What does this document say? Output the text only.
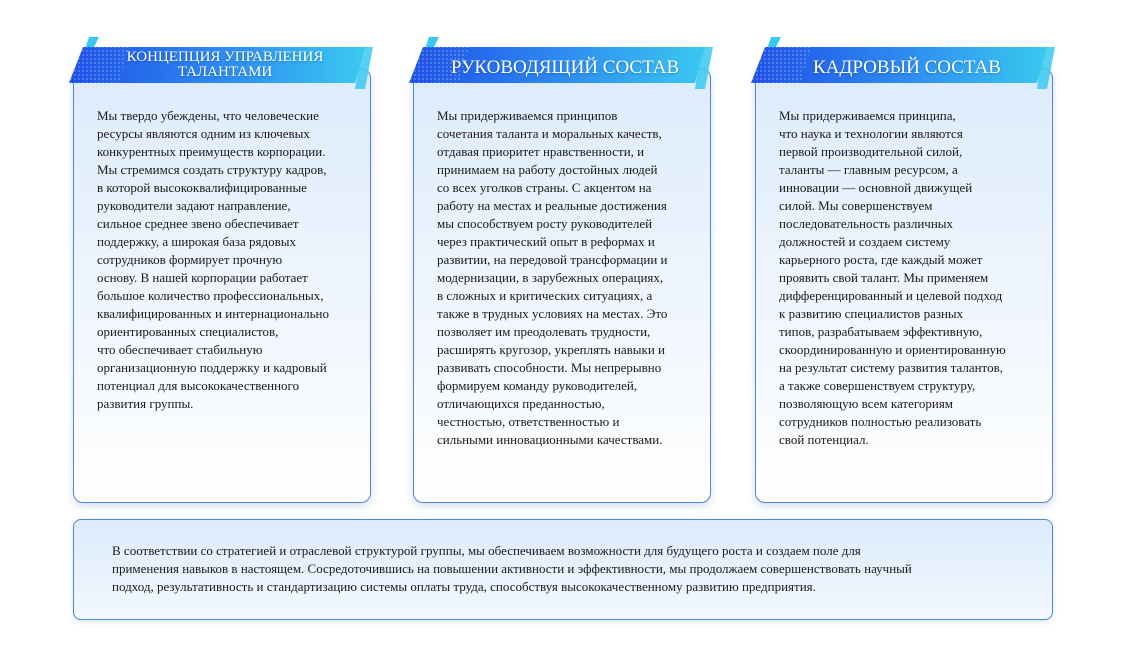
Мы твердо убеждены, что человеческие
ресурсы являются одним из ключевых
конкурентных преимуществ корпорации.
Мы стремимся создать структуру кадров,
в которой высококвалифицированные
руководители задают направление,
сильное среднее звено обеспечивает
поддержку, а широкая база рядовых
сотрудников формирует прочную
основу. В нашей корпорации работает
большое количество профессиональных,
квалифицированных и интернационально
ориентированных специалистов,
что обеспечивает стабильную
организационную поддержку и кадровый
потенциал для высококачественного
развития группы.

КОНЦЕПЦИЯ УПРАВЛЕНИЯ
ТАЛАНТАМИ

Мы придерживаемся принципов
сочетания таланта и моральных качеств,
отдавая приоритет нравственности, и
принимаем на работу достойных людей
со всех уголков страны. С акцентом на
работу на местах и реальные достижения
мы способствуем росту руководителей
через практический опыт в реформах и
развитии, на передовой трансформации и
модернизации, в зарубежных операциях,
в сложных и критических ситуациях, а
также в трудных условиях на местах. Это
позволяет им преодолевать трудности,
расширять кругозор, укреплять навыки и
развивать способности. Мы непрерывно
формируем команду руководителей,
отличающихся преданностью,
честностью, ответственностью и
сильными инновационными качествами.

РУКОВОДЯЩИЙ СОСТАВ

Мы придерживаемся принципа,
что наука и технологии являются
первой производительной силой,
таланты — главным ресурсом, а
инновации — основной движущей
силой. Мы совершенствуем
последовательность различных
должностей и создаем систему
карьерного роста, где каждый может
проявить свой талант. Мы применяем
дифференцированный и целевой подход
к развитию специалистов разных
типов, разрабатываем эффективную,
скоординированную и ориентированную
на результат систему развития талантов,
а также совершенствуем структуру,
позволяющую всем категориям
сотрудников полностью реализовать
свой потенциал.

КАДРОВЫЙ СОСТАВ

В соответствии со стратегией и отраслевой структурой группы, мы обеспечиваем возможности для будущего роста и создаем поле для
применения навыков в настоящем. Сосредоточившись на повышении активности и эффективности, мы продолжаем совершенствовать научный
подход, результативность и стандартизацию системы оплаты труда, способствуя высококачественному развитию предприятия.
